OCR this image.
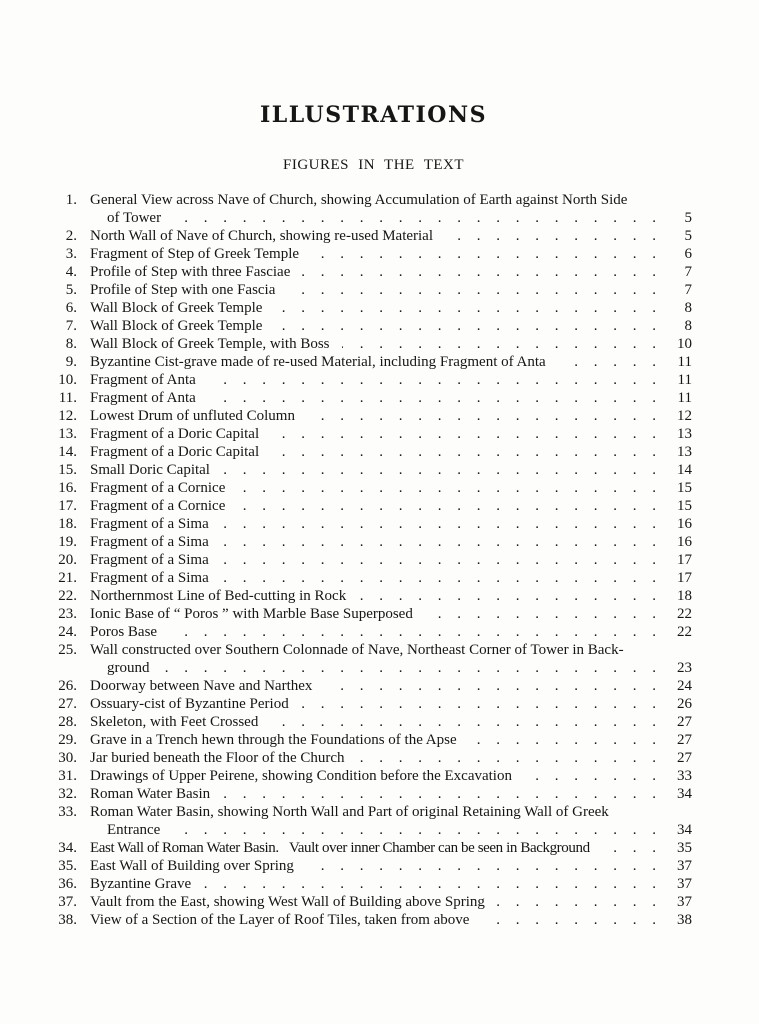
ILLUSTRATIONS
FIGURES IN THE TEXT
1. General View across Nave of Church, showing Accumulation of Earth against North Side
of Tower . . .	5
2. North Wall of Nave of Church, showing re-used Material . . .	5
3. Fragment of Step of Greek Temple . . .	6
4. Profile of Step with three Fasciae . . .	7
5. Profile of Step with one Fascia . . .	7
6. Wall Block of Greek Temple . . .	8
7. Wall Block of Greek Temple . . .	8
8. Wall Block of Greek Temple, with Boss . . .	10
9. Byzantine Cist-grave made of re-used Material, including Fragment of Anta . . .	11
10. Fragment of Anta . . .	11
11. Fragment of Anta . . .	11
12. Lowest Drum of unfluted Column . . .	12
13. Fragment of a Doric Capital . . .	13
14. Fragment of a Doric Capital . . .	13
15. Small Doric Capital . . .	14
16. Fragment of a Cornice . . .	15
17. Fragment of a Cornice . . .	15
18. Fragment of a Sima . . .	16
19. Fragment of a Sima . . .	16
20. Fragment of a Sima . . .	17
21. Fragment of a Sima . . .	17
22. Northernmost Line of Bed-cutting in Rock . . .	18
23. Ionic Base of “ Poros ” with Marble Base Superposed . . .	22
24. Poros Base . . .	22
25. Wall constructed over Southern Colonnade of Nave, Northeast Corner of Tower in Back-
ground . . .	23
26. Doorway between Nave and Narthex . . .	24
27. Ossuary-cist of Byzantine Period . . .	26
28. Skeleton, with Feet Crossed . . .	27
29. Grave in a Trench hewn through the Foundations of the Apse . . .	27
30. Jar buried beneath the Floor of the Church . . .	27
31. Drawings of Upper Peirene, showing Condition before the Excavation . . .	33
32. Roman Water Basin . . .	34
33. Roman Water Basin, showing North Wall and Part of original Retaining Wall of Greek
Entrance . . .	34
34. East Wall of Roman Water Basin.  Vault over inner Chamber can be seen in Background . . .	35
35. East Wall of Building over Spring . . .	37
36. Byzantine Grave . . .	37
37. Vault from the East, showing West Wall of Building above Spring . . .	37
38. View of a Section of the Layer of Roof Tiles, taken from above . . .	38
